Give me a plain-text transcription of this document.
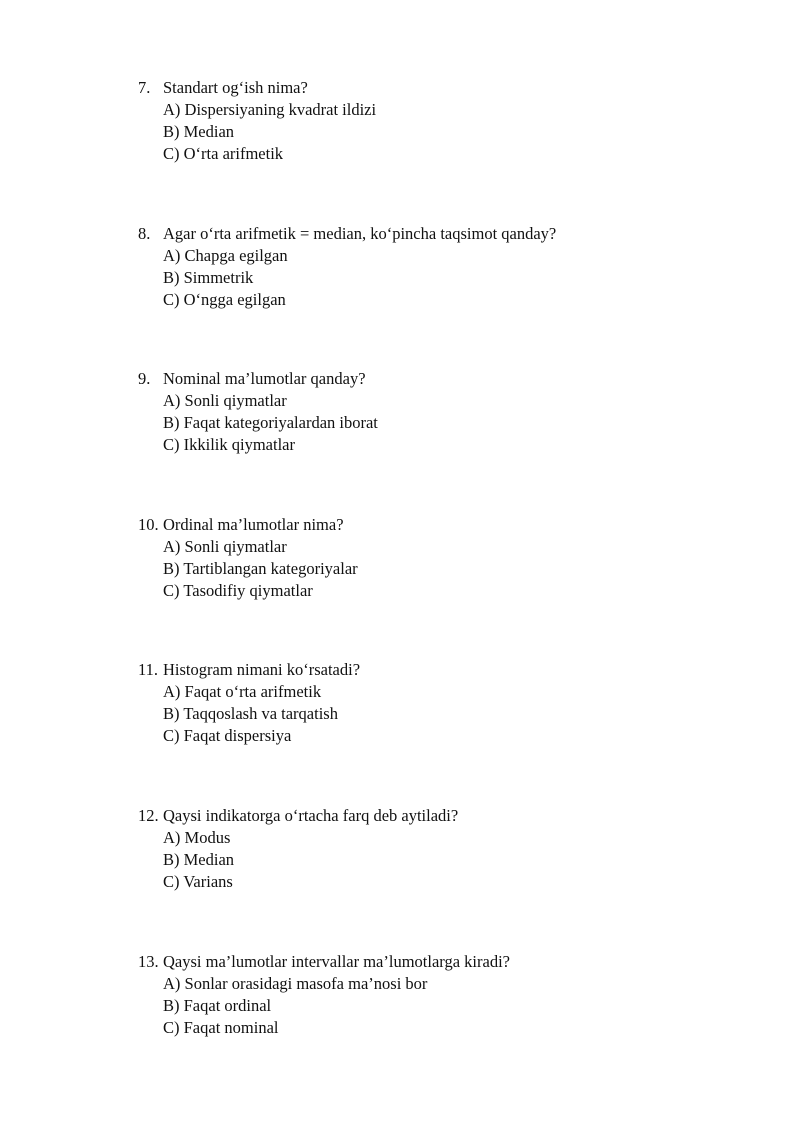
7. Standart og‘ish nima?
A) Dispersiyaning kvadrat ildizi
B) Median
C) O‘rta arifmetik
8. Agar o‘rta arifmetik = median, ko‘pincha taqsimot qanday?
A) Chapga egilgan
B) Simmetrik
C) O‘ngga egilgan
9. Nominal ma’lumotlar qanday?
A) Sonli qiymatlar
B) Faqat kategoriyalardan iborat
C) Ikkilik qiymatlar
10. Ordinal ma’lumotlar nima?
A) Sonli qiymatlar
B) Tartiblangan kategoriyalar
C) Tasodifiy qiymatlar
11. Histogram nimani ko‘rsatadi?
A) Faqat o‘rta arifmetik
B) Taqqoslash va tarqatish
C) Faqat dispersiya
12. Qaysi indikatorga o‘rtacha farq deb aytiladi?
A) Modus
B) Median
C) Varians
13. Qaysi ma’lumotlar intervallar ma’lumotlarga kiradi?
A) Sonlar orasidagi masofa ma’nosi bor
B) Faqat ordinal
C) Faqat nominal
